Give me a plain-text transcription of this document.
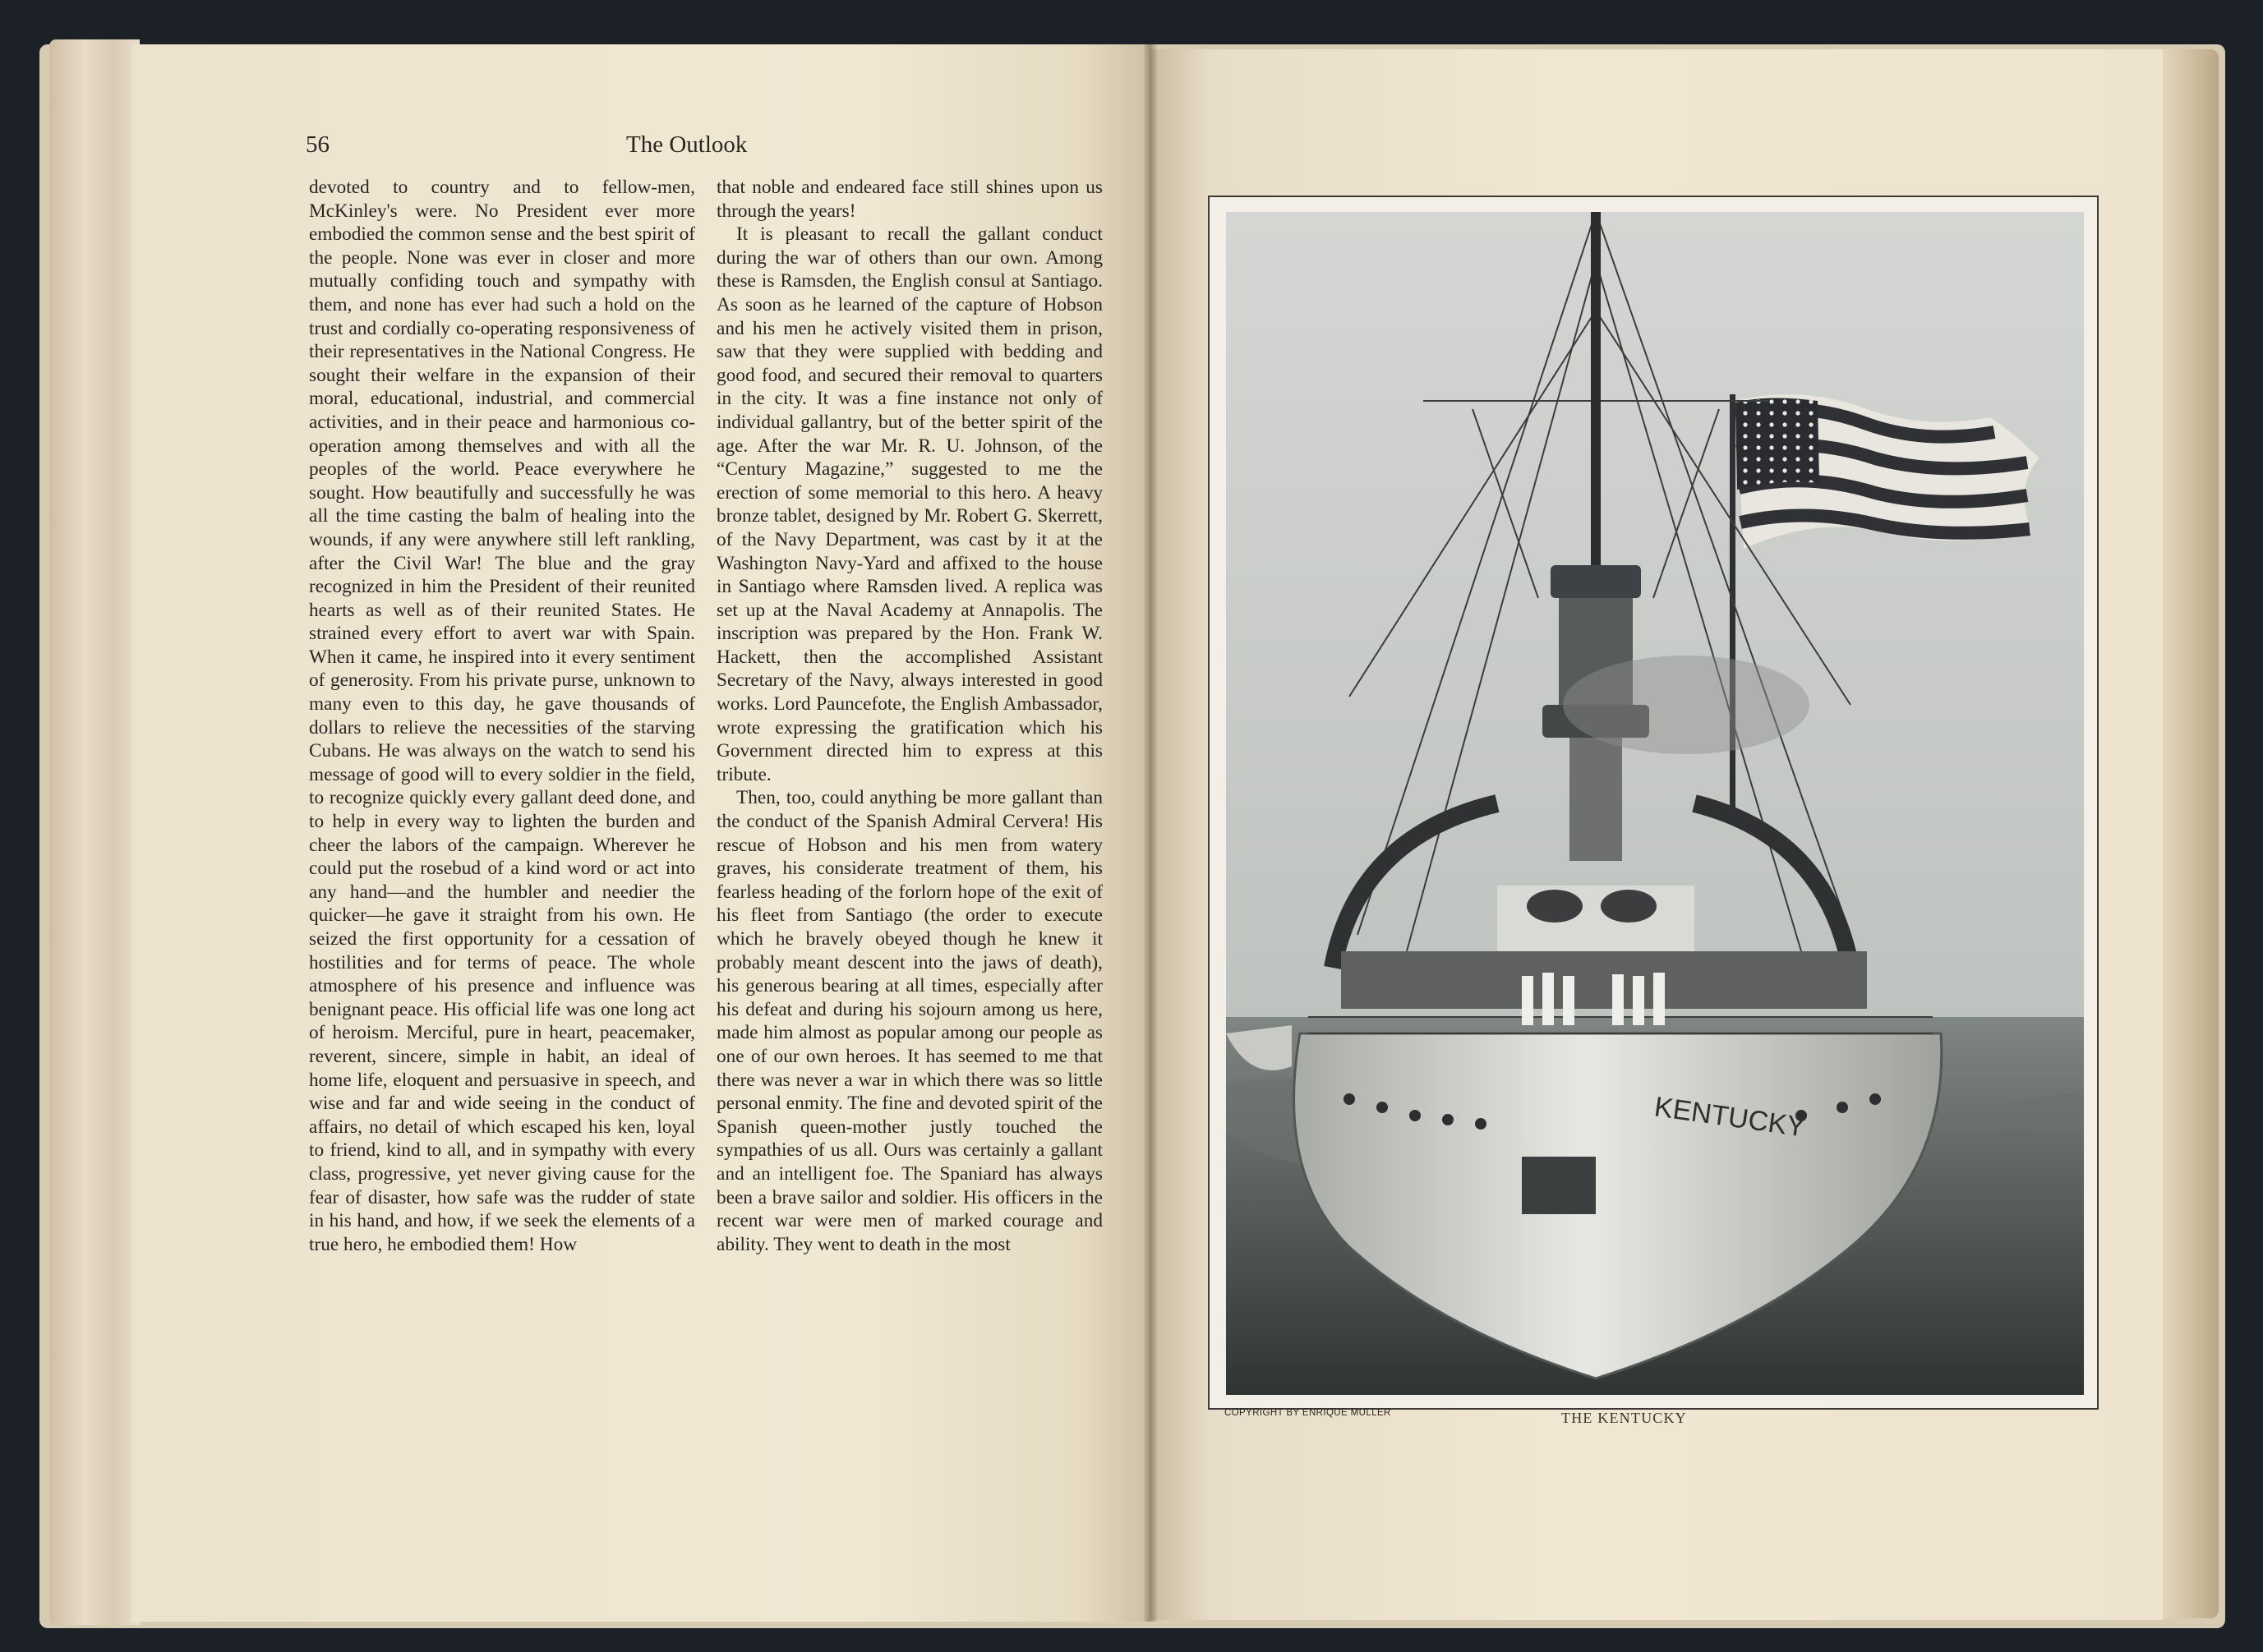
56	The Outlook

devoted to country and to fellow-men, McKinley's were. No President ever more embodied the common sense and the best spirit of the people. None was ever in closer and more mutually confiding touch and sympathy with them, and none has ever had such a hold on the trust and cordially co-operating responsiveness of their representatives in the National Congress. He sought their welfare in the expansion of their moral, educational, industrial, and commercial activities, and in their peace and harmonious co-operation among themselves and with all the peoples of the world. Peace everywhere he sought. How beautifully and successfully he was all the time casting the balm of healing into the wounds, if any were anywhere still left rankling, after the Civil War! The blue and the gray recognized in him the President of their reunited hearts as well as of their reunited States. He strained every effort to avert war with Spain. When it came, he inspired into it every sentiment of generosity. From his private purse, unknown to many even to this day, he gave thousands of dollars to relieve the necessities of the starving Cubans. He was always on the watch to send his message of good will to every soldier in the field, to recognize quickly every gallant deed done, and to help in every way to lighten the burden and cheer the labors of the campaign. Wherever he could put the rosebud of a kind word or act into any hand—and the humbler and needier the quicker—he gave it straight from his own. He seized the first opportunity for a cessation of hostilities and for terms of peace. The whole atmosphere of his presence and influence was benignant peace. His official life was one long act of heroism. Merciful, pure in heart, peacemaker, reverent, sincere, simple in habit, an ideal of home life, eloquent and persuasive in speech, and wise and far and wide seeing in the conduct of affairs, no detail of which escaped his ken, loyal to friend, kind to all, and in sympathy with every class, progressive, yet never giving cause for the fear of disaster, how safe was the rudder of state in his hand, and how, if we seek the elements of a true hero, he embodied them! How

that noble and endeared face still shines upon us through the years!

It is pleasant to recall the gallant conduct during the war of others than our own. Among these is Ramsden, the English consul at Santiago. As soon as he learned of the capture of Hobson and his men he actively visited them in prison, saw that they were supplied with bedding and good food, and secured their removal to quarters in the city. It was a fine instance not only of individual gallantry, but of the better spirit of the age. After the war Mr. R. U. Johnson, of the “Century Magazine,” suggested to me the erection of some memorial to this hero. A heavy bronze tablet, designed by Mr. Robert G. Skerrett, of the Navy Department, was cast by it at the Washington Navy-Yard and affixed to the house in Santiago where Ramsden lived. A replica was set up at the Naval Academy at Annapolis. The inscription was prepared by the Hon. Frank W. Hackett, then the accomplished Assistant Secretary of the Navy, always interested in good works. Lord Pauncefote, the English Ambassador, wrote expressing the gratification which his Government directed him to express at this tribute.

Then, too, could anything be more gallant than the conduct of the Spanish Admiral Cervera! His rescue of Hobson and his men from watery graves, his considerate treatment of them, his fearless heading of the forlorn hope of the exit of his fleet from Santiago (the order to execute which he bravely obeyed though he knew it probably meant descent into the jaws of death), his generous bearing at all times, especially after his defeat and during his sojourn among us here, made him almost as popular among our people as one of our own heroes. It has seemed to me that there was never a war in which there was so little personal enmity. The fine and devoted spirit of the Spanish queen-mother justly touched the sympathies of us all. Ours was certainly a gallant and an intelligent foe. The Spaniard has always been a brave sailor and soldier. His officers in the recent war were men of marked courage and ability. They went to death in the most

KENTUCKY
COPYRIGHT BY ENRIQUE MULLER	THE KENTUCKY
